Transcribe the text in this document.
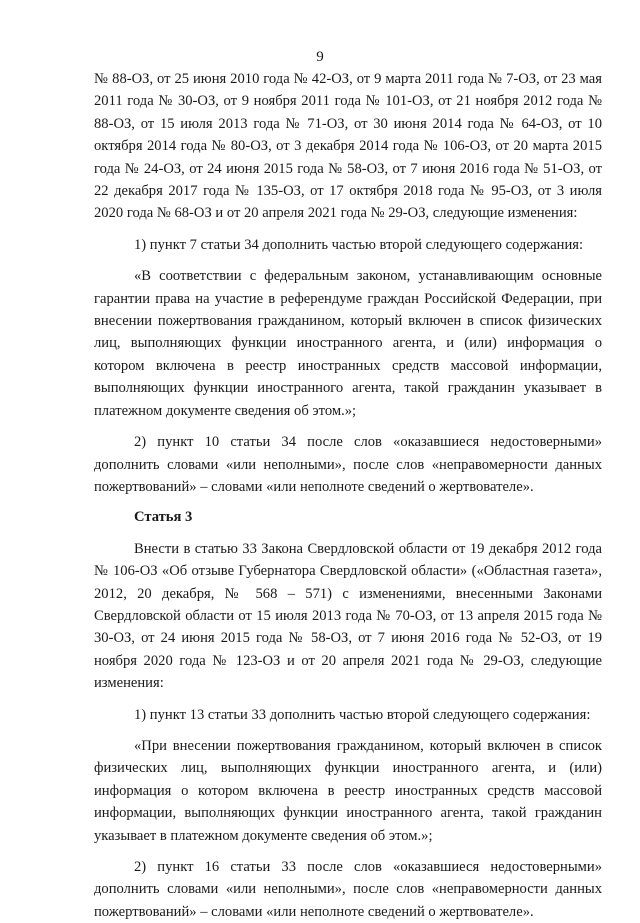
9

№ 88-ОЗ, от 25 июня 2010 года № 42-ОЗ, от 9 марта 2011 года № 7-ОЗ, от 23 мая 2011 года № 30-ОЗ, от 9 ноября 2011 года № 101-ОЗ, от 21 ноября 2012 года № 88-ОЗ, от 15 июля 2013 года № 71-ОЗ, от 30 июня 2014 года № 64-ОЗ, от 10 октября 2014 года № 80-ОЗ, от 3 декабря 2014 года № 106-ОЗ, от 20 марта 2015 года № 24-ОЗ, от 24 июня 2015 года № 58-ОЗ, от 7 июня 2016 года № 51-ОЗ, от 22 декабря 2017 года № 135-ОЗ, от 17 октября 2018 года № 95-ОЗ, от 3 июля 2020 года № 68-ОЗ и от 20 апреля 2021 года № 29-ОЗ, следующие изменения:

1) пункт 7 статьи 34 дополнить частью второй следующего содержания:

«В соответствии с федеральным законом, устанавливающим основные гарантии права на участие в референдуме граждан Российской Федерации, при внесении пожертвования гражданином, который включен в список физических лиц, выполняющих функции иностранного агента, и (или) информация о котором включена в реестр иностранных средств массовой информации, выполняющих функции иностранного агента, такой гражданин указывает в платежном документе сведения об этом.»;

2) пункт 10 статьи 34 после слов «оказавшиеся недостоверными» дополнить словами «или неполными», после слов «неправомерности данных пожертвований» – словами «или неполноте сведений о жертвователе».

Статья 3

Внести в статью 33 Закона Свердловской области от 19 декабря 2012 года № 106-ОЗ «Об отзыве Губернатора Свердловской области» («Областная газета», 2012, 20 декабря, № 568 – 571) с изменениями, внесенными Законами Свердловской области от 15 июля 2013 года № 70-ОЗ, от 13 апреля 2015 года № 30-ОЗ, от 24 июня 2015 года № 58-ОЗ, от 7 июня 2016 года № 52-ОЗ, от 19 ноября 2020 года № 123-ОЗ и от 20 апреля 2021 года № 29-ОЗ, следующие изменения:

1) пункт 13 статьи 33 дополнить частью второй следующего содержания:

«При внесении пожертвования гражданином, который включен в список физических лиц, выполняющих функции иностранного агента, и (или) информация о котором включена в реестр иностранных средств массовой информации, выполняющих функции иностранного агента, такой гражданин указывает в платежном документе сведения об этом.»;

2) пункт 16 статьи 33 после слов «оказавшиеся недостоверными» дополнить словами «или неполными», после слов «неправомерности данных пожертвований» – словами «или неполноте сведений о жертвователе».
